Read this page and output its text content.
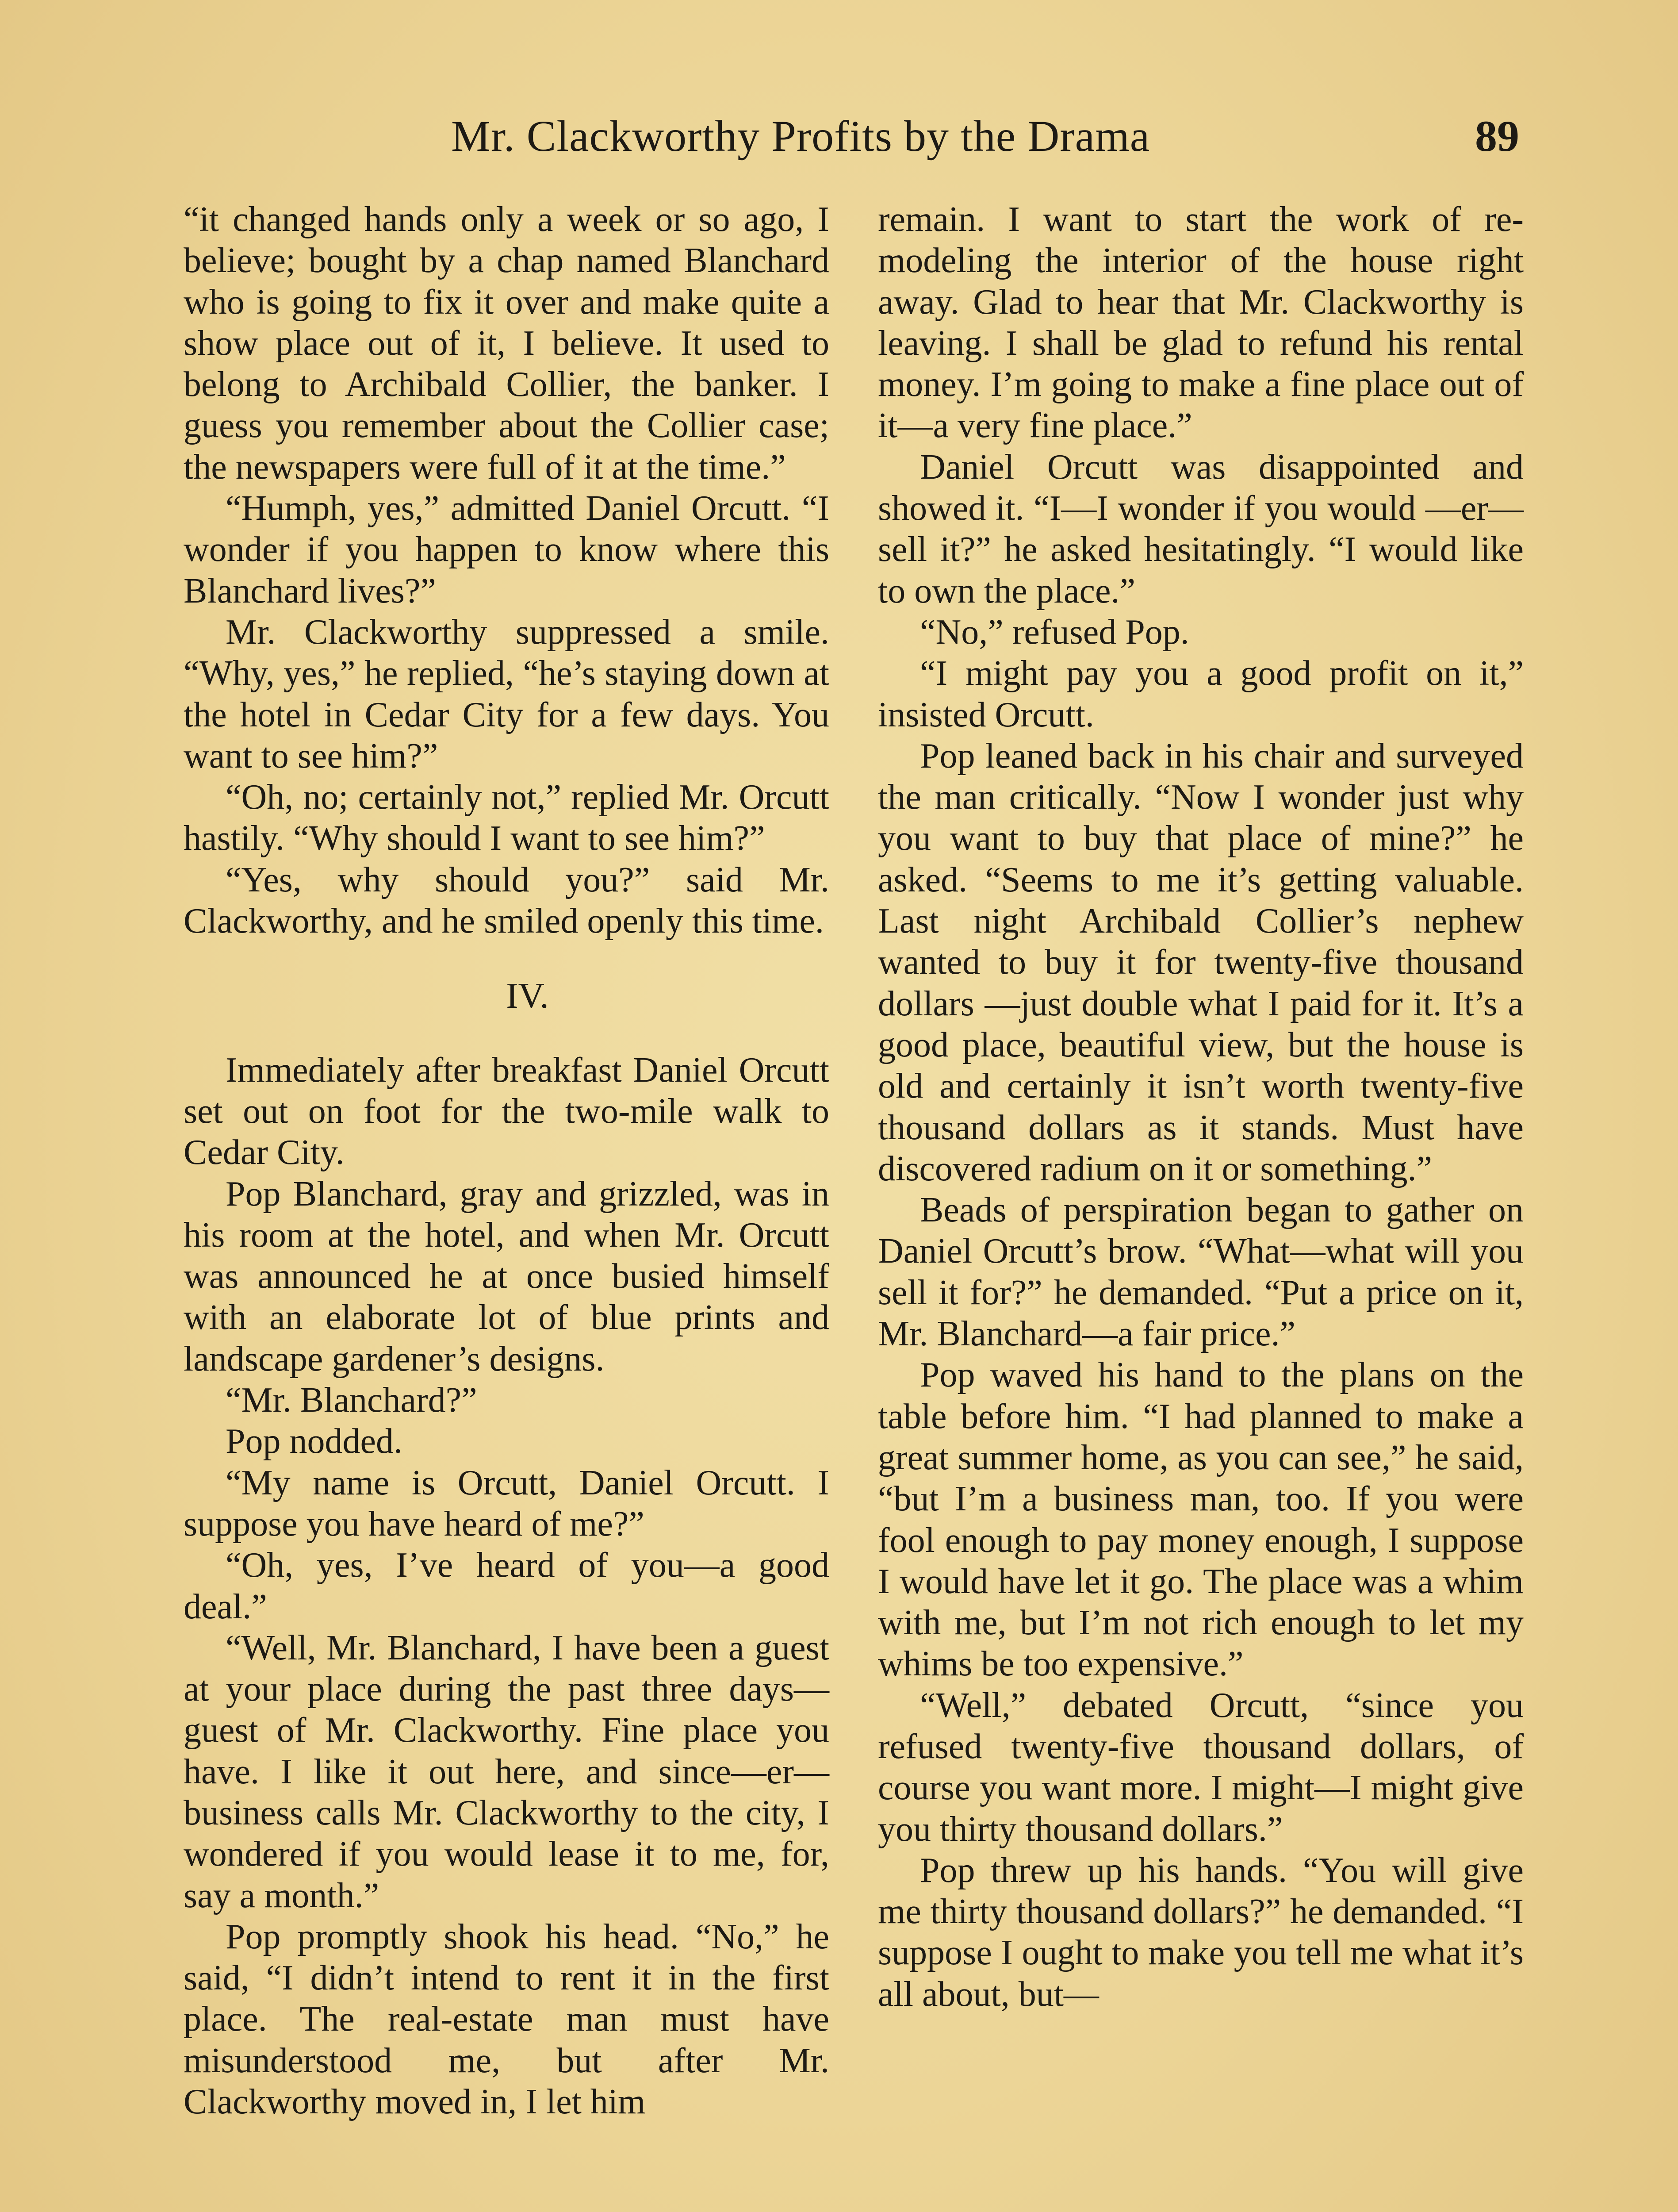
Mr. Clackworthy Profits by the Drama	89

“it changed hands only a week or so ago, I believe; bought by a chap named Blanchard who is going to fix it over and make quite a show place out of it, I believe. It used to belong to Archibald Collier, the banker. I guess you remember about the Collier case; the newspapers were full of it at the time.”

“Humph, yes,” admitted Daniel Orcutt. “I wonder if you happen to know where this Blanchard lives?”

Mr. Clackworthy suppressed a smile. “Why, yes,” he replied, “he’s staying down at the hotel in Cedar City for a few days. You want to see him?”

“Oh, no; certainly not,” replied Mr. Orcutt hastily. “Why should I want to see him?”

“Yes, why should you?” said Mr. Clackworthy, and he smiled openly this time.

IV.

Immediately after breakfast Daniel Orcutt set out on foot for the two-mile walk to Cedar City.

Pop Blanchard, gray and grizzled, was in his room at the hotel, and when Mr. Orcutt was announced he at once busied himself with an elaborate lot of blue prints and landscape gardener’s designs.

“Mr. Blanchard?”

Pop nodded.

“My name is Orcutt, Daniel Orcutt. I suppose you have heard of me?”

“Oh, yes, I’ve heard of you—a good deal.”

“Well, Mr. Blanchard, I have been a guest at your place during the past three days—guest of Mr. Clackworthy. Fine place you have. I like it out here, and since—er—business calls Mr. Clackworthy to the city, I wondered if you would lease it to me, for, say a month.”

Pop promptly shook his head. “No,” he said, “I didn’t intend to rent it in the first place. The real-estate man must have misunderstood me, but after Mr. Clackworthy moved in, I let him

remain. I want to start the work of remodeling the interior of the house right away. Glad to hear that Mr. Clackworthy is leaving. I shall be glad to refund his rental money. I’m going to make a fine place out of it—a very fine place.”

Daniel Orcutt was disappointed and showed it. “I—I wonder if you would —er—sell it?” he asked hesitatingly. “I would like to own the place.”

“No,” refused Pop.

“I might pay you a good profit on it,” insisted Orcutt.

Pop leaned back in his chair and surveyed the man critically. “Now I wonder just why you want to buy that place of mine?” he asked. “Seems to me it’s getting valuable. Last night Archibald Collier’s nephew wanted to buy it for twenty-five thousand dollars —just double what I paid for it. It’s a good place, beautiful view, but the house is old and certainly it isn’t worth twenty-five thousand dollars as it stands. Must have discovered radium on it or something.”

Beads of perspiration began to gather on Daniel Orcutt’s brow. “What—what will you sell it for?” he demanded. “Put a price on it, Mr. Blanchard—a fair price.”

Pop waved his hand to the plans on the table before him. “I had planned to make a great summer home, as you can see,” he said, “but I’m a business man, too. If you were fool enough to pay money enough, I suppose I would have let it go. The place was a whim with me, but I’m not rich enough to let my whims be too expensive.”

“Well,” debated Orcutt, “since you refused twenty-five thousand dollars, of course you want more. I might—I might give you thirty thousand dollars.”

Pop threw up his hands. “You will give me thirty thousand dollars?” he demanded. “I suppose I ought to make you tell me what it’s all about, but—
